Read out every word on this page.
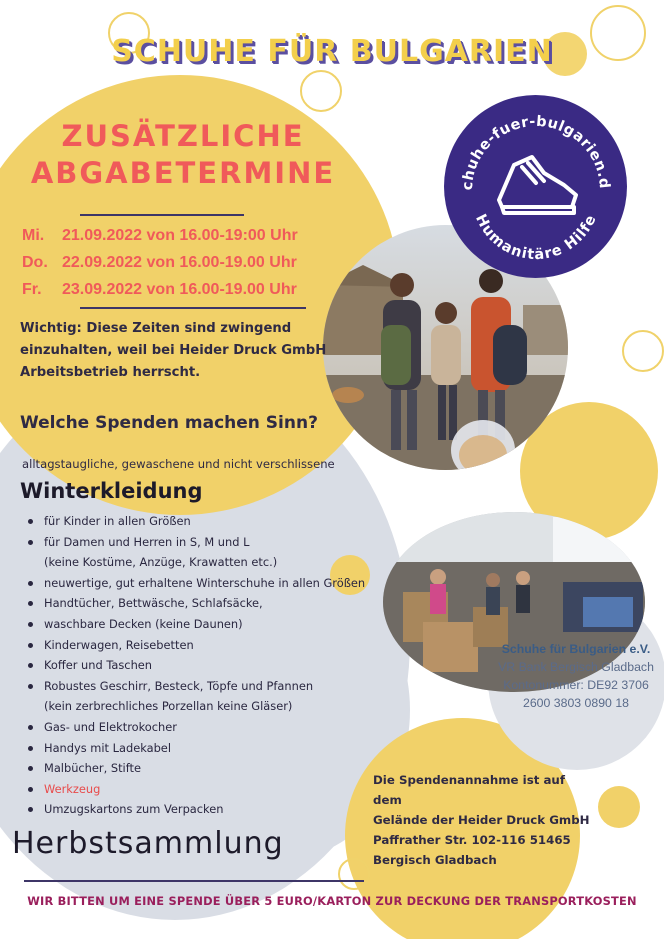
chuhe-fuer-bulgarien.d
Humanitäre Hilfe
SCHUHE FÜR BULGARIEN
ZUSÄTZLICHE
ABGABETERMINE
Mi. 21.09.2022 von 16.00-19:00 Uhr
Do. 22.09.2022 von 16.00-19.00 Uhr
Fr. 23.09.2022 von 16.00-19.00 Uhr
Wichtig: Diese Zeiten sind zwingend
einzuhalten, weil bei Heider Druck GmbH
Arbeitsbetrieb herrscht.
Welche Spenden machen Sinn?
alltagstaugliche, gewaschene und nicht verschlissene
Winterkleidung
für Kinder in allen Größen
für Damen und Herren in S, M und L
(keine Kostüme, Anzüge, Krawatten etc.)
neuwertige, gut erhaltene Winterschuhe in allen Größen
Handtücher, Bettwäsche, Schlafsäcke,
waschbare Decken (keine Daunen)
Kinderwagen, Reisebetten
Koffer und Taschen
Robustes Geschirr, Besteck, Töpfe und Pfannen
(kein zerbrechliches Porzellan keine Gläser)
Gas- und Elektrokocher
Handys mit Ladekabel
Malbücher, Stifte
Werkzeug
Umzugskartons zum Verpacken
Herbstsammlung
Schuhe für Bulgarien e.V.
VR Bank Bergisch Gladbach
Kontonummer: DE92 3706
2600 3803 0890 18
Die Spendenannahme ist auf dem
Gelände der Heider Druck GmbH
Paffrather Str. 102-116 51465
Bergisch Gladbach
WIR BITTEN UM EINE SPENDE ÜBER 5 EURO/KARTON ZUR DECKUNG DER TRANSPORTKOSTEN
